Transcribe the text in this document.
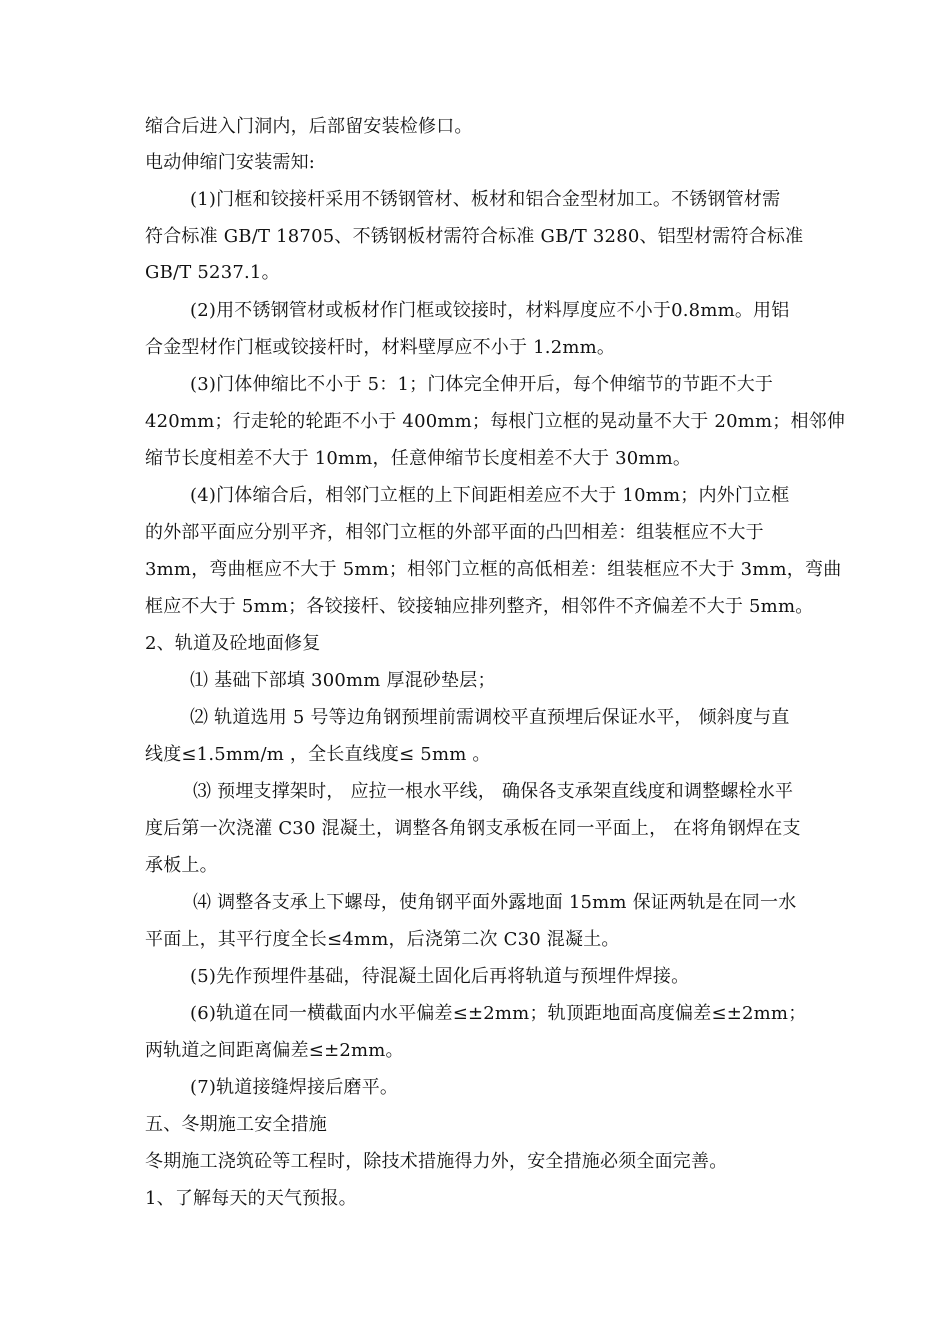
缩合后进入门洞内，后部留安装检修口。
电动伸缩门安装需知:
(1)门框和铰接杆采用不锈钢管材、板材和铝合金型材加工。不锈钢管材需
符合标准 GB/T 18705、不锈钢板材需符合标准 GB/T 3280、铝型材需符合标准
GB/T 5237.1。
(2)用不锈钢管材或板材作门框或铰接时，材料厚度应不小于0.8mm。用铝
合金型材作门框或铰接杆时，材料壁厚应不小于 1.2mm。
(3)门体伸缩比不小于 5：1；门体完全伸开后，每个伸缩节的节距不大于
420mm；行走轮的轮距不小于 400mm；每根门立框的晃动量不大于 20mm；相邻伸
缩节长度相差不大于 10mm，任意伸缩节长度相差不大于 30mm。
(4)门体缩合后，相邻门立框的上下间距相差应不大于 10mm；内外门立框
的外部平面应分别平齐，相邻门立框的外部平面的凸凹相差：组装框应不大于
3mm，弯曲框应不大于 5mm；相邻门立框的高低相差：组装框应不大于 3mm，弯曲
框应不大于 5mm；各铰接杆、铰接轴应排列整齐，相邻件不齐偏差不大于 5mm。
2、轨道及砼地面修复
⑴ 基础下部填 300mm 厚混砂垫层；
⑵ 轨道选用 5 号等边角钢预埋前需调校平直预埋后保证水平， 倾斜度与直
线度≤1.5mm/m ，全长直线度≤ 5mm 。
⑶ 预埋支撑架时， 应拉一根水平线， 确保各支承架直线度和调整螺栓水平
度后第一次浇灌 C30 混凝土，调整各角钢支承板在同一平面上， 在将角钢焊在支
承板上。
⑷ 调整各支承上下螺母，使角钢平面外露地面 15mm 保证两轨是在同一水
平面上，其平行度全长≤4mm，后浇第二次 C30 混凝土。
(5)先作预埋件基础，待混凝土固化后再将轨道与预埋件焊接。
(6)轨道在同一横截面内水平偏差≤±2mm；轨顶距地面高度偏差≤±2mm；
两轨道之间距离偏差≤±2mm。
(7)轨道接缝焊接后磨平。
五、冬期施工安全措施
冬期施工浇筑砼等工程时，除技术措施得力外，安全措施必须全面完善。
1、了解每天的天气预报。
